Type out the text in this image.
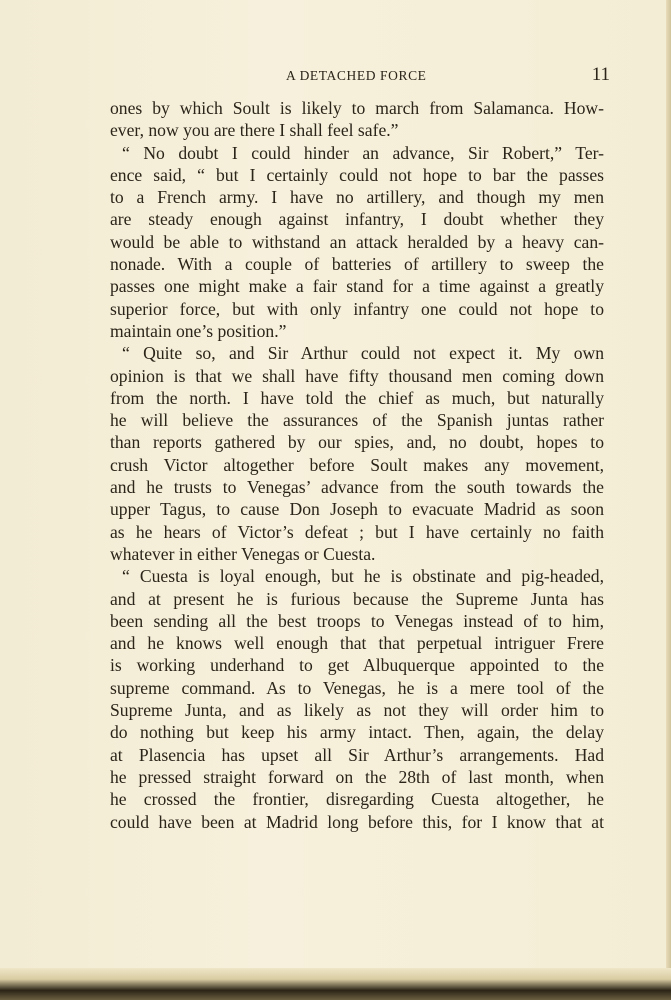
A DETACHED FORCE	11
ones by which Soult is likely to march from Salamanca. How-
ever, now you are there I shall feel safe.”
“ No doubt I could hinder an advance, Sir Robert,” Ter-
ence said, “ but I certainly could not hope to bar the passes
to a French army. I have no artillery, and though my men
are steady enough against infantry, I doubt whether they
would be able to withstand an attack heralded by a heavy can-
nonade. With a couple of batteries of artillery to sweep the
passes one might make a fair stand for a time against a greatly
superior force, but with only infantry one could not hope to
maintain one’s position.”
“ Quite so, and Sir Arthur could not expect it. My own
opinion is that we shall have fifty thousand men coming down
from the north. I have told the chief as much, but naturally
he will believe the assurances of the Spanish juntas rather
than reports gathered by our spies, and, no doubt, hopes to
crush Victor altogether before Soult makes any movement,
and he trusts to Venegas’ advance from the south towards the
upper Tagus, to cause Don Joseph to evacuate Madrid as soon
as he hears of Victor’s defeat ; but I have certainly no faith
whatever in either Venegas or Cuesta.
“ Cuesta is loyal enough, but he is obstinate and pig-headed,
and at present he is furious because the Supreme Junta has
been sending all the best troops to Venegas instead of to him,
and he knows well enough that that perpetual intriguer Frere
is working underhand to get Albuquerque appointed to the
supreme command. As to Venegas, he is a mere tool of the
Supreme Junta, and as likely as not they will order him to
do nothing but keep his army intact. Then, again, the delay
at Plasencia has upset all Sir Arthur’s arrangements. Had
he pressed straight forward on the 28th of last month, when
he crossed the frontier, disregarding Cuesta altogether, he
could have been at Madrid long before this, for I know that at
